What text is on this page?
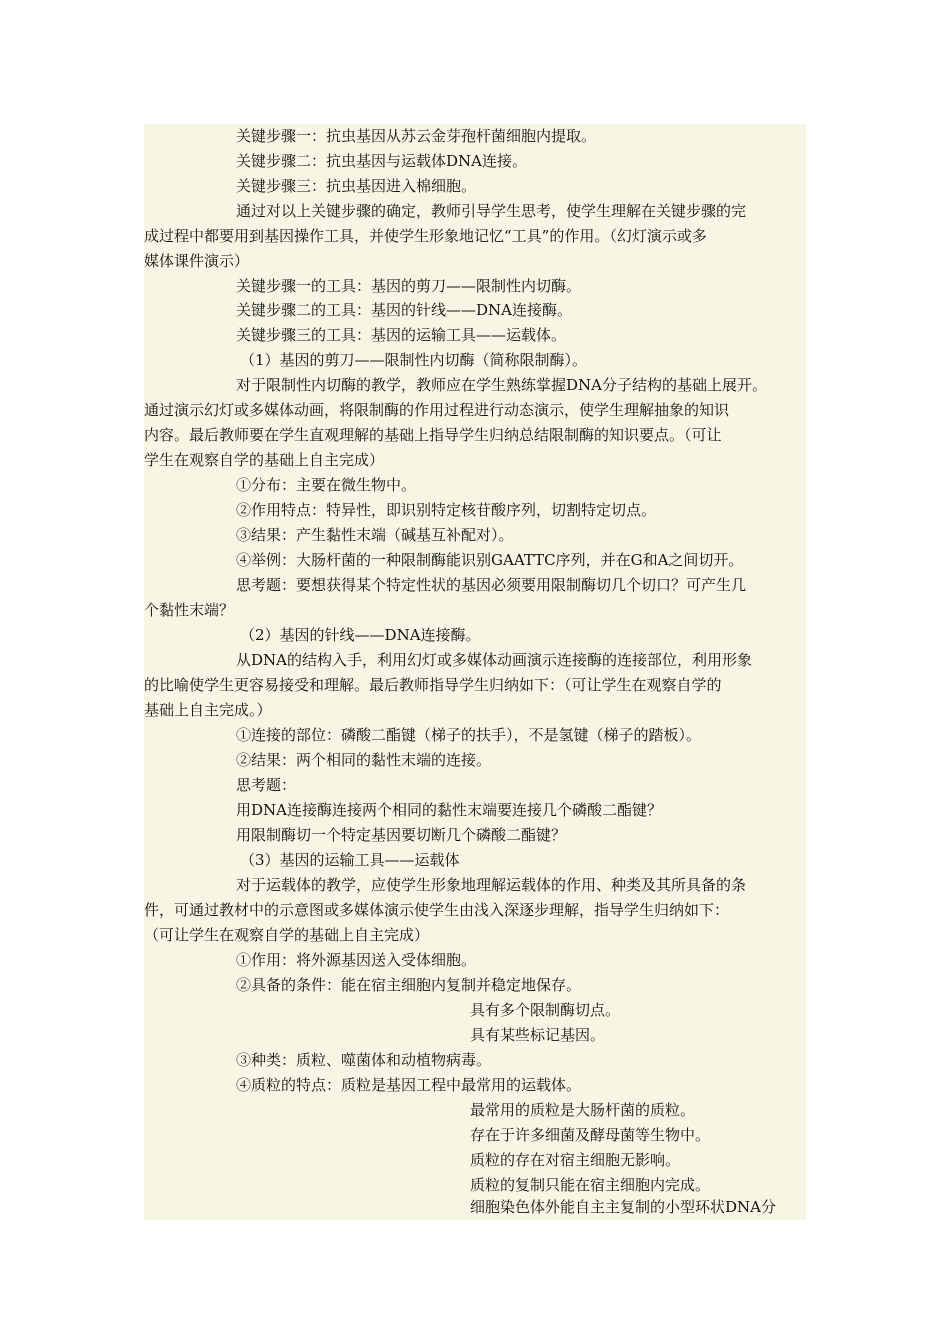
关键步骤一：抗虫基因从苏云金芽孢杆菌细胞内提取。
关键步骤二：抗虫基因与运载体DNA连接。
关键步骤三：抗虫基因进入棉细胞。
通过对以上关键步骤的确定，教师引导学生思考，使学生理解在关键步骤的完
成过程中都要用到基因操作工具，并使学生形象地记忆“工具”的作用。（幻灯演示或多
媒体课件演示）
关键步骤一的工具：基因的剪刀——限制性内切酶。
关键步骤二的工具：基因的针线——DNA连接酶。
关键步骤三的工具：基因的运输工具——运载体。
（1）基因的剪刀——限制性内切酶（简称限制酶）。
对于限制性内切酶的教学，教师应在学生熟练掌握DNA分子结构的基础上展开。
通过演示幻灯或多媒体动画，将限制酶的作用过程进行动态演示，使学生理解抽象的知识
内容。最后教师要在学生直观理解的基础上指导学生归纳总结限制酶的知识要点。（可让
学生在观察自学的基础上自主完成）
①分布：主要在微生物中。
②作用特点：特异性，即识别特定核苷酸序列，切割特定切点。
③结果：产生黏性末端（碱基互补配对）。
④举例：大肠杆菌的一种限制酶能识别GAATTC序列，并在G和A之间切开。
思考题：要想获得某个特定性状的基因必须要用限制酶切几个切口？可产生几
个黏性末端？
（2）基因的针线——DNA连接酶。
从DNA的结构入手，利用幻灯或多媒体动画演示连接酶的连接部位，利用形象
的比喻使学生更容易接受和理解。最后教师指导学生归纳如下：（可让学生在观察自学的
基础上自主完成。）
①连接的部位：磷酸二酯键（梯子的扶手），不是氢键（梯子的踏板）。
②结果：两个相同的黏性末端的连接。
思考题：
用DNA连接酶连接两个相同的黏性末端要连接几个磷酸二酯键？
用限制酶切一个特定基因要切断几个磷酸二酯键？
（3）基因的运输工具——运载体
对于运载体的教学，应使学生形象地理解运载体的作用、种类及其所具备的条
件，可通过教材中的示意图或多媒体演示使学生由浅入深逐步理解，指导学生归纳如下：
（可让学生在观察自学的基础上自主完成）
①作用：将外源基因送入受体细胞。
②具备的条件：能在宿主细胞内复制并稳定地保存。
具有多个限制酶切点。
具有某些标记基因。
③种类：质粒、噬菌体和动植物病毒。
④质粒的特点：质粒是基因工程中最常用的运载体。
最常用的质粒是大肠杆菌的质粒。
存在于许多细菌及酵母菌等生物中。
质粒的存在对宿主细胞无影响。
质粒的复制只能在宿主细胞内完成。
细胞染色体外能自主主复制的小型环状DNA分
